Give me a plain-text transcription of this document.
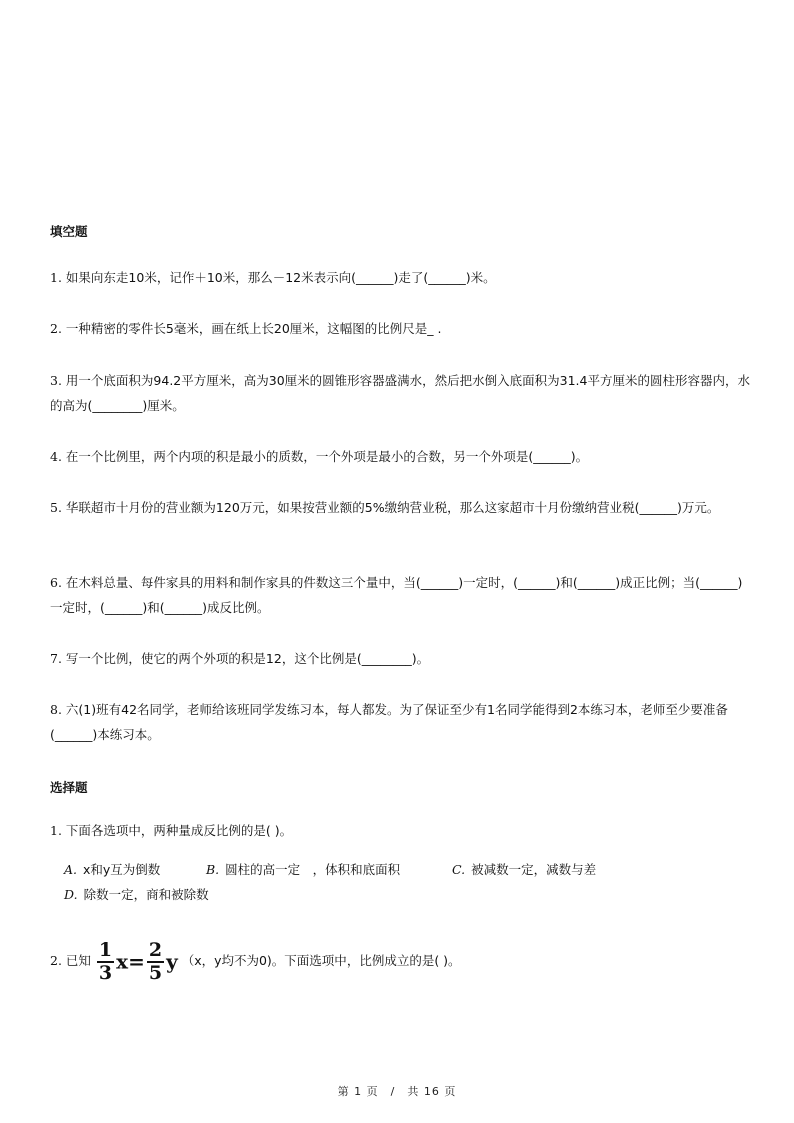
填空题
1. 如果向东走10米，记作＋10米，那么－12米表示向(______)走了(______)米。
2. 一种精密的零件长5毫米，画在纸上长20厘米，这幅图的比例尺是_ .
3. 用一个底面积为94.2平方厘米，高为30厘米的圆锥形容器盛满水，然后把水倒入底面积为31.4平方厘米的圆柱形容器内，水的高为(________)厘米。
4. 在一个比例里，两个内项的积是最小的质数，一个外项是最小的合数，另一个外项是(______)。
5. 华联超市十月份的营业额为120万元，如果按营业额的5%缴纳营业税，那么这家超市十月份缴纳营业税(______)万元。
6. 在木料总量、每件家具的用料和制作家具的件数这三个量中，当(______)一定时，(______)和(______)成正比例；当(______)一定时，(______)和(______)成反比例。
7. 写一个比例，使它的两个外项的积是12，这个比例是(________)。
8. 六(1)班有42名同学，老师给该班同学发练习本，每人都发。为了保证至少有1名同学能得到2本练习本，老师至少要准备(______)本练习本。
选择题
1. 下面各选项中，两种量成反比例的是( )。
A. x和y互为倒数	B. 圆柱的高一定　，体积和底面积	C. 被减数一定，减数与差
D. 除数一定，商和被除数
2. 已知 $\frac{1}{3} x= \frac{2}{5}$ y （x，y均不为0)。下面选项中，比例成立的是( )。
第 1 页　/　共 16 页
